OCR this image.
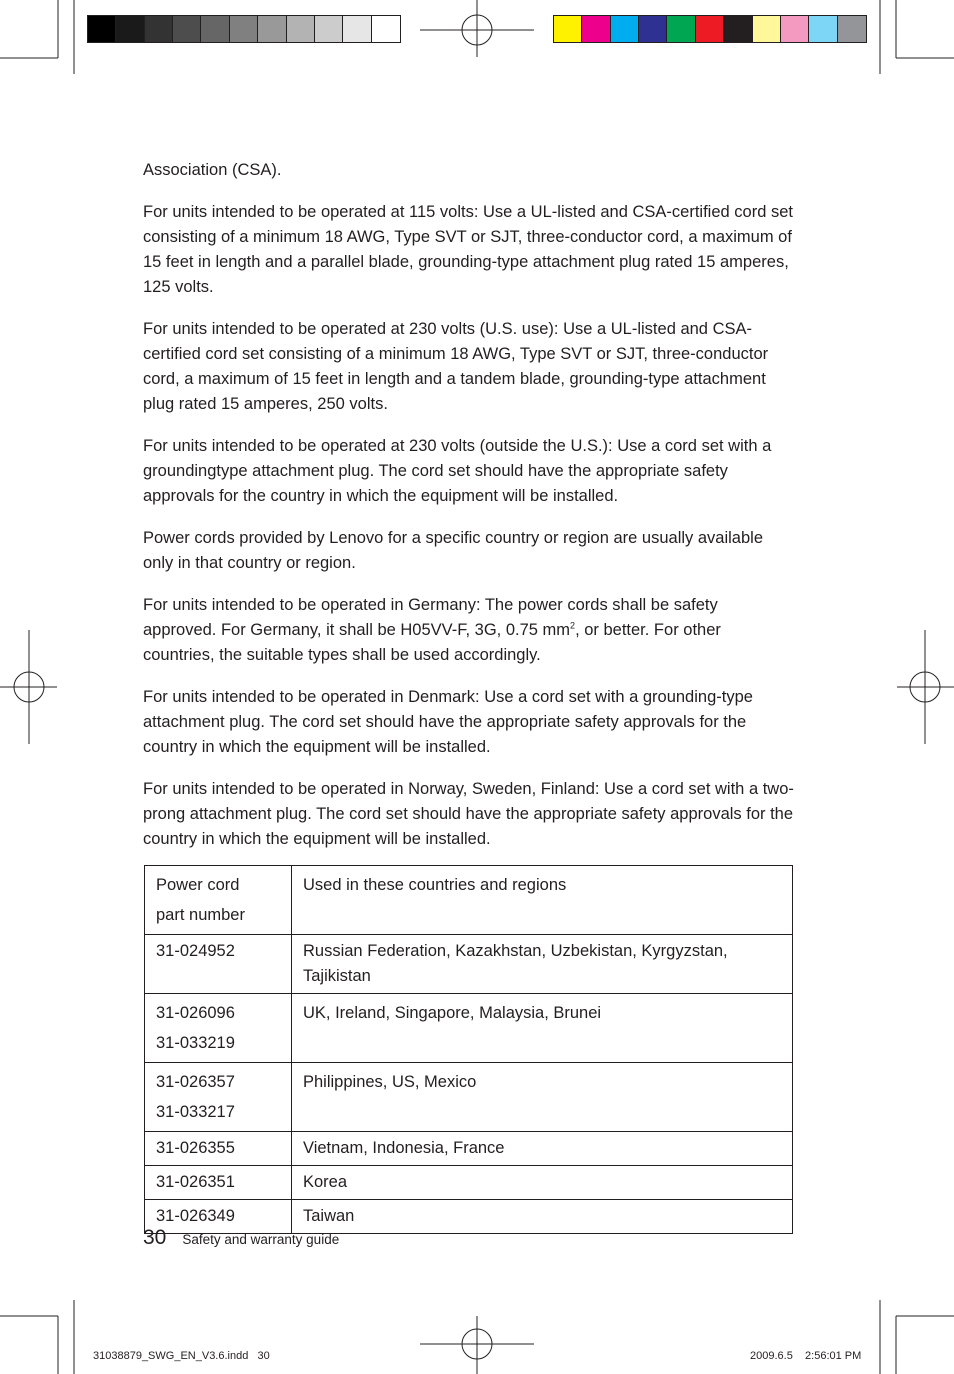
Association (CSA).

For units intended to be operated at 115 volts: Use a UL-listed and CSA-certified cord set consisting of a minimum 18 AWG, Type SVT or SJT, three-conductor cord, a maximum of 15 feet in length and a parallel blade, grounding-type attachment plug rated 15 amperes, 125 volts.

For units intended to be operated at 230 volts (U.S. use): Use a UL-listed and CSA-certified cord set consisting of a minimum 18 AWG, Type SVT or SJT, three-conductor cord, a maximum of 15 feet in length and a tandem blade, grounding-type attachment plug rated 15 amperes, 250 volts.

For units intended to be operated at 230 volts (outside the U.S.): Use a cord set with a groundingtype attachment plug. The cord set should have the appropriate safety approvals for the country in which the equipment will be installed.

Power cords provided by Lenovo for a specific country or region are usually available only in that country or region.

For units intended to be operated in Germany: The power cords shall be safety approved. For Germany, it shall be H05VV-F, 3G, 0.75 $mm^2$, or better. For other countries, the suitable types shall be used accordingly.

For units intended to be operated in Denmark: Use a cord set with a grounding-type attachment plug. The cord set should have the appropriate safety approvals for the country in which the equipment will be installed.

For units intended to be operated in Norway, Sweden, Finland: Use a cord set with a two-prong attachment plug. The cord set should have the appropriate safety approvals for the country in which the equipment will be installed.

Power cord
part number	Used in these countries and regions

31-024952	Russian Federation, Kazakhstan, Uzbekistan, Kyrgyzstan, Tajikistan

31-026096
31-033219	UK, Ireland, Singapore, Malaysia, Brunei

31-026357
31-033217	Philippines, US, Mexico

31-026355	Vietnam, Indonesia, France

31-026351	Korea

31-026349	Taiwan
30 Safety and warranty guide
31038879_SWG_EN_V3.6.indd   30	2009.6.5    2:56:01 PM
